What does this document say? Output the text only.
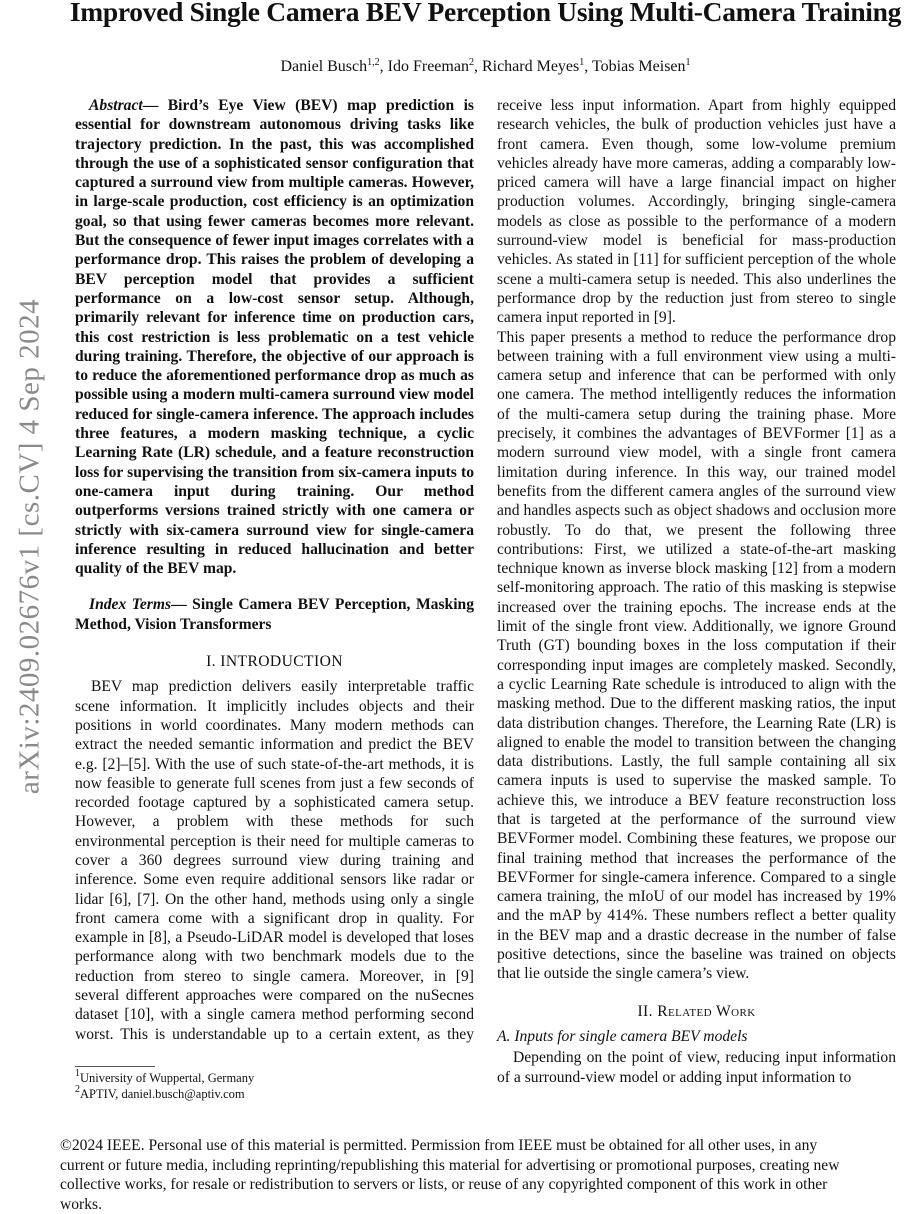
Improved Single Camera BEV Perception Using Multi-Camera Training
Daniel Busch$^{1,2}$, Ido Freeman$^2$, Richard Meyes$^1$, Tobias Meisen$^1$
arXiv:2409.02676v1 [cs.CV] 4 Sep 2024

Abstract— Bird’s Eye View (BEV) map prediction is essential for downstream autonomous driving tasks like trajectory prediction. In the past, this was accomplished through the use of a sophisticated sensor configuration that captured a surround view from multiple cameras. However, in large-scale production, cost efficiency is an optimization goal, so that using fewer cameras becomes more relevant. But the consequence of fewer input images correlates with a performance drop. This raises the problem of developing a BEV perception model that provides a sufficient performance on a low-cost sensor setup. Although, primarily relevant for inference time on production cars, this cost restriction is less problematic on a test vehicle during training. Therefore, the objective of our approach is to reduce the aforementioned performance drop as much as possible using a modern multi-camera surround view model reduced for single-camera inference. The approach includes three features, a modern masking technique, a cyclic Learning Rate (LR) schedule, and a feature reconstruction loss for supervising the transition from six-camera inputs to one-camera input during training. Our method outperforms versions trained strictly with one camera or strictly with six-camera surround view for single-camera inference resulting in reduced hallucination and better quality of the BEV map.

Index Terms— Single Camera BEV Perception, Masking Method, Vision Transformers

I. INTRODUCTION

BEV map prediction delivers easily interpretable traffic scene information. It implicitly includes objects and their positions in world coordinates. Many modern methods can extract the needed semantic information and predict the BEV e.g. [2]–[5]. With the use of such state-of-the-art methods, it is now feasible to generate full scenes from just a few seconds of recorded footage captured by a sophisticated camera setup. However, a problem with these methods for such environmental perception is their need for multiple cameras to cover a 360 degrees surround view during training and inference. Some even require additional sensors like radar or lidar [6], [7]. On the other hand, methods using only a single front camera come with a significant drop in quality. For example in [8], a Pseudo-LiDAR model is developed that loses performance along with two benchmark models due to the reduction from stereo to single camera. Moreover, in [9] several different approaches were compared on the nuSecnes dataset [10], with a single camera method performing second worst. This is understandable up to a certain extent, as they

$^1$University of Wuppertal, Germany
$^2$APTIV, daniel.busch@aptiv.com

receive less input information. Apart from highly equipped research vehicles, the bulk of production vehicles just have a front camera. Even though, some low-volume premium vehicles already have more cameras, adding a comparably low-priced camera will have a large financial impact on higher production volumes. Accordingly, bringing single-camera models as close as possible to the performance of a modern surround-view model is beneficial for mass-production vehicles. As stated in [11] for sufficient perception of the whole scene a multi-camera setup is needed. This also underlines the performance drop by the reduction just from stereo to single camera input reported in [9].

This paper presents a method to reduce the performance drop between training with a full environment view using a multi-camera setup and inference that can be performed with only one camera. The method intelligently reduces the information of the multi-camera setup during the training phase. More precisely, it combines the advantages of BEVFormer [1] as a modern surround view model, with a single front camera limitation during inference. In this way, our trained model benefits from the different camera angles of the surround view and handles aspects such as object shadows and occlusion more robustly. To do that, we present the following three contributions: First, we utilized a state-of-the-art masking technique known as inverse block masking [12] from a modern self-monitoring approach. The ratio of this masking is stepwise increased over the training epochs. The increase ends at the limit of the single front view. Additionally, we ignore Ground Truth (GT) bounding boxes in the loss computation if their corresponding input images are completely masked. Secondly, a cyclic Learning Rate schedule is introduced to align with the masking method. Due to the different masking ratios, the input data distribution changes. Therefore, the Learning Rate (LR) is aligned to enable the model to transition between the changing data distributions. Lastly, the full sample containing all six camera inputs is used to supervise the masked sample. To achieve this, we introduce a BEV feature reconstruction loss that is targeted at the performance of the surround view BEVFormer model. Combining these features, we propose our final training method that increases the performance of the BEVFormer for single-camera inference. Compared to a single camera training, the mIoU of our model has increased by 19% and the mAP by 414%. These numbers reflect a better quality in the BEV map and a drastic decrease in the number of false positive detections, since the baseline was trained on objects that lie outside the single camera’s view.

II. Related Work
A. Inputs for single camera BEV models

Depending on the point of view, reducing input information of a surround-view model or adding input information to

©2024 IEEE. Personal use of this material is permitted. Permission from IEEE must be obtained for all other uses, in any current or future media, including reprinting/republishing this material for advertising or promotional purposes, creating new collective works, for resale or redistribution to servers or lists, or reuse of any copyrighted component of this work in other works.
